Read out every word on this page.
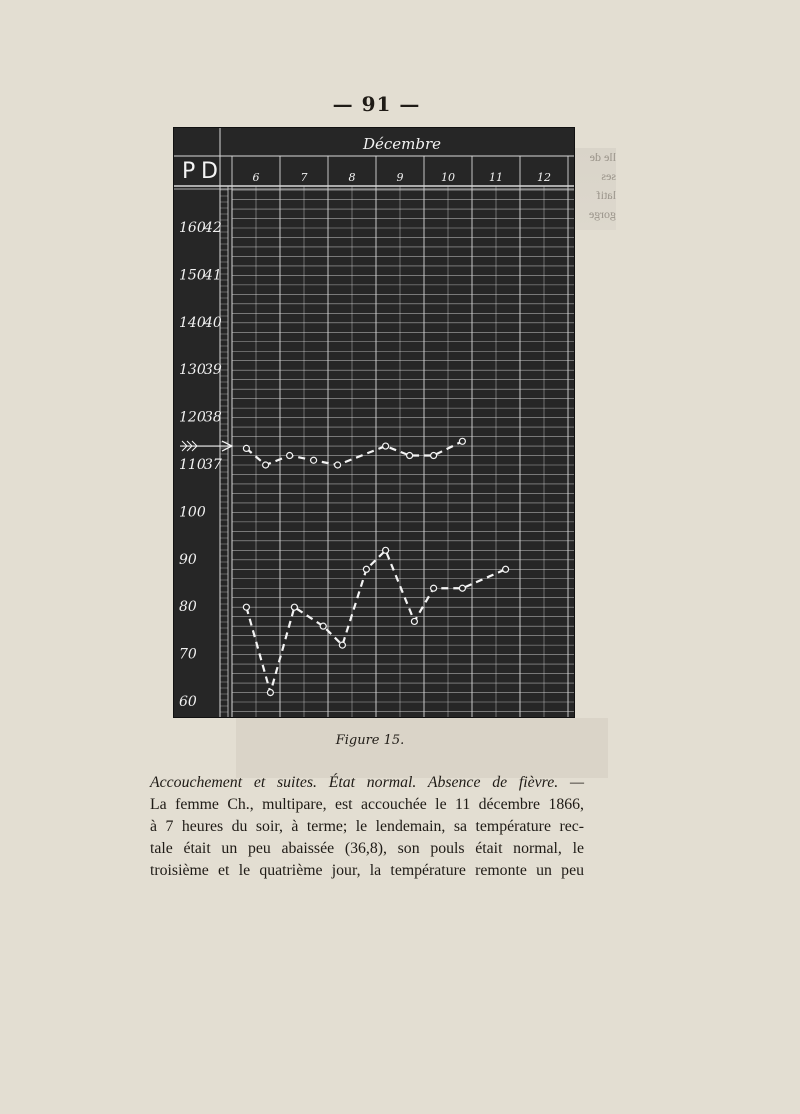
— 91 —
lle de
ses
latif
gorge
Décembre
P D	6	7	8	9	10	11	12
160
150
140
130
120
110
100
90
80
70
60
42
41
40
39
38
37
Figure 15.
Accouchement et suites. État normal. Absence de fièvre. —
La femme Ch., multipare, est accouchée le 11 décembre 1866,
à 7 heures du soir, à terme; le lendemain, sa température rec-
tale était un peu abaissée (36,8), son pouls était normal, le
troisième et le quatrième jour, la température remonte un peu
